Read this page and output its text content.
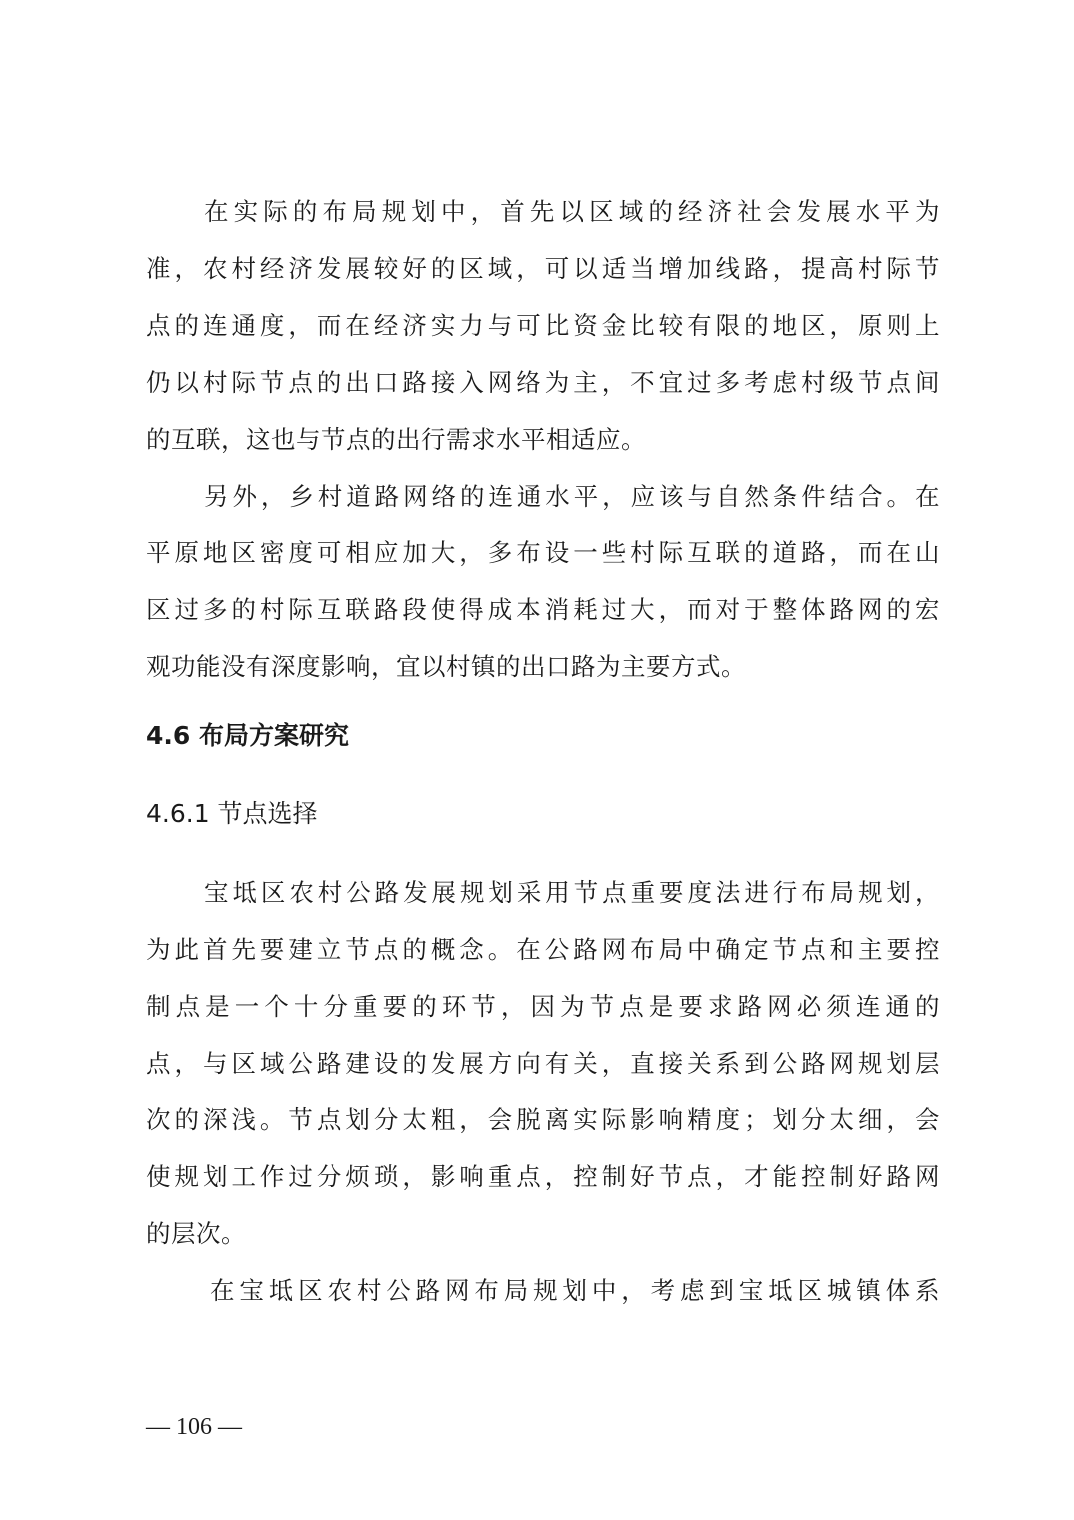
在实际的布局规划中，首先以区域的经济社会发展水平为
准，农村经济发展较好的区域，可以适当增加线路，提高村际节
点的连通度，而在经济实力与可比资金比较有限的地区，原则上
仍以村际节点的出口路接入网络为主，不宜过多考虑村级节点间
的互联，这也与节点的出行需求水平相适应。
另外，乡村道路网络的连通水平，应该与自然条件结合。在
平原地区密度可相应加大，多布设一些村际互联的道路，而在山
区过多的村际互联路段使得成本消耗过大，而对于整体路网的宏
观功能没有深度影响，宜以村镇的出口路为主要方式。
4.6 布局方案研究
4.6.1 节点选择
宝坻区农村公路发展规划采用节点重要度法进行布局规划，
为此首先要建立节点的概念。在公路网布局中确定节点和主要控
制点是一个十分重要的环节，因为节点是要求路网必须连通的
点，与区域公路建设的发展方向有关，直接关系到公路网规划层
次的深浅。节点划分太粗，会脱离实际影响精度；划分太细，会
使规划工作过分烦琐，影响重点，控制好节点，才能控制好路网
的层次。
在宝坻区农村公路网布局规划中，考虑到宝坻区城镇体系
— 106 —
